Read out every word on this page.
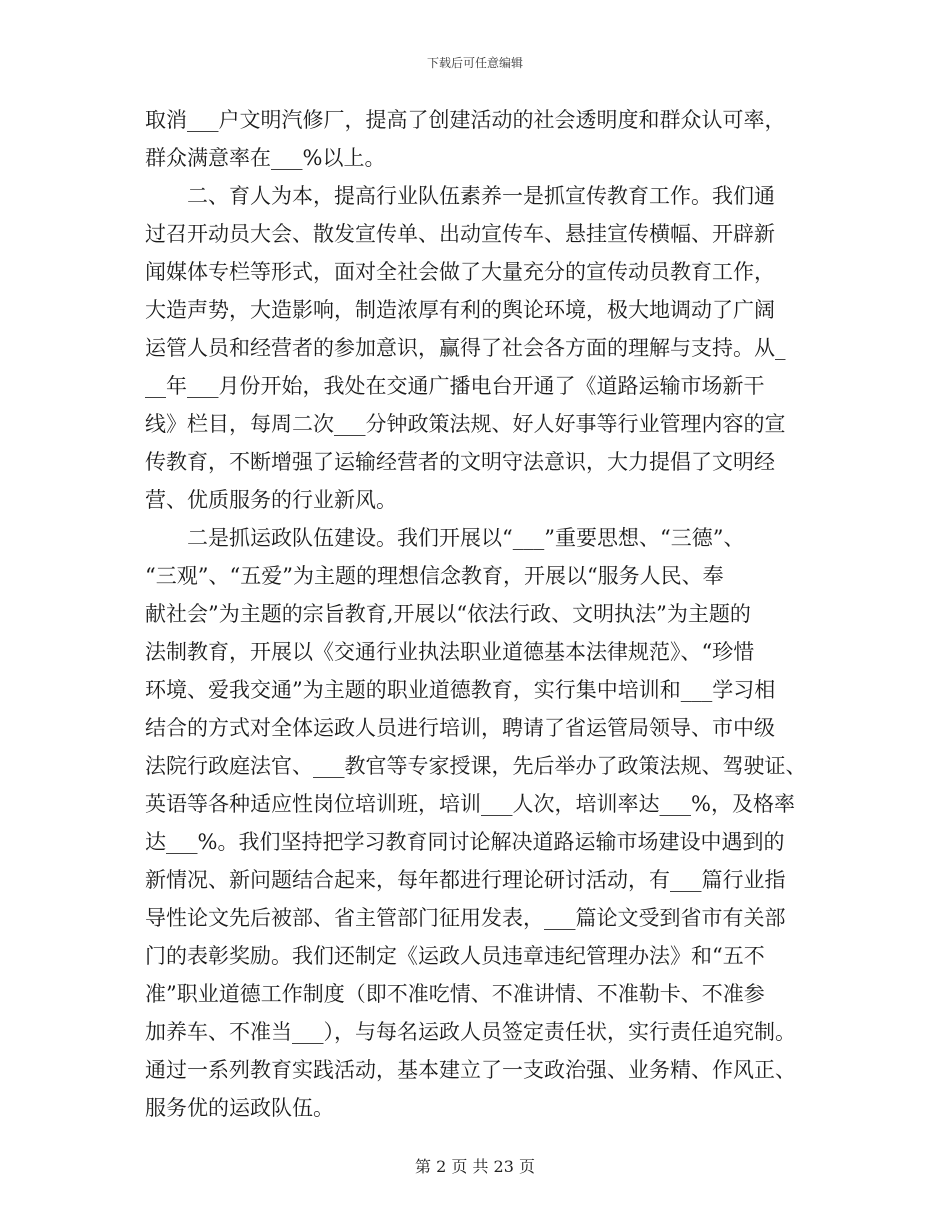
下载后可任意编辑
取消___户文明汽修厂，提高了创建活动的社会透明度和群众认可率，
群众满意率在___%以上。
二、育人为本，提高行业队伍素养一是抓宣传教育工作。我们通
过召开动员大会、散发宣传单、出动宣传车、悬挂宣传横幅、开辟新
闻媒体专栏等形式，面对全社会做了大量充分的宣传动员教育工作，
大造声势，大造影响，制造浓厚有利的舆论环境，极大地调动了广阔
运管人员和经营者的参加意识，赢得了社会各方面的理解与支持。从_
__年___月份开始，我处在交通广播电台开通了《道路运输市场新干
线》栏目，每周二次___分钟政策法规、好人好事等行业管理内容的宣
传教育，不断增强了运输经营者的文明守法意识，大力提倡了文明经
营、优质服务的行业新风。
二是抓运政队伍建设。我们开展以“___”重要思想、“三德”、
“三观”、“五爱”为主题的理想信念教育，开展以“服务人民、奉
献社会”为主题的宗旨教育,开展以“依法行政、文明执法”为主题的
法制教育，开展以《交通行业执法职业道德基本法律规范》、“珍惜
环境、爱我交通”为主题的职业道德教育，实行集中培训和___学习相
结合的方式对全体运政人员进行培训，聘请了省运管局领导、市中级
法院行政庭法官、___教官等专家授课，先后举办了政策法规、驾驶证、
英语等各种适应性岗位培训班，培训___人次，培训率达___%，及格率
达___%。我们坚持把学习教育同讨论解决道路运输市场建设中遇到的
新情况、新问题结合起来，每年都进行理论研讨活动，有___篇行业指
导性论文先后被部、省主管部门征用发表，___篇论文受到省市有关部
门的表彰奖励。我们还制定《运政人员违章违纪管理办法》和“五不
准”职业道德工作制度（即不准吃情、不准讲情、不准勒卡、不准参
加养车、不准当___），与每名运政人员签定责任状，实行责任追究制。
通过一系列教育实践活动，基本建立了一支政治强、业务精、作风正、
服务优的运政队伍。
第 2 页 共 23 页
